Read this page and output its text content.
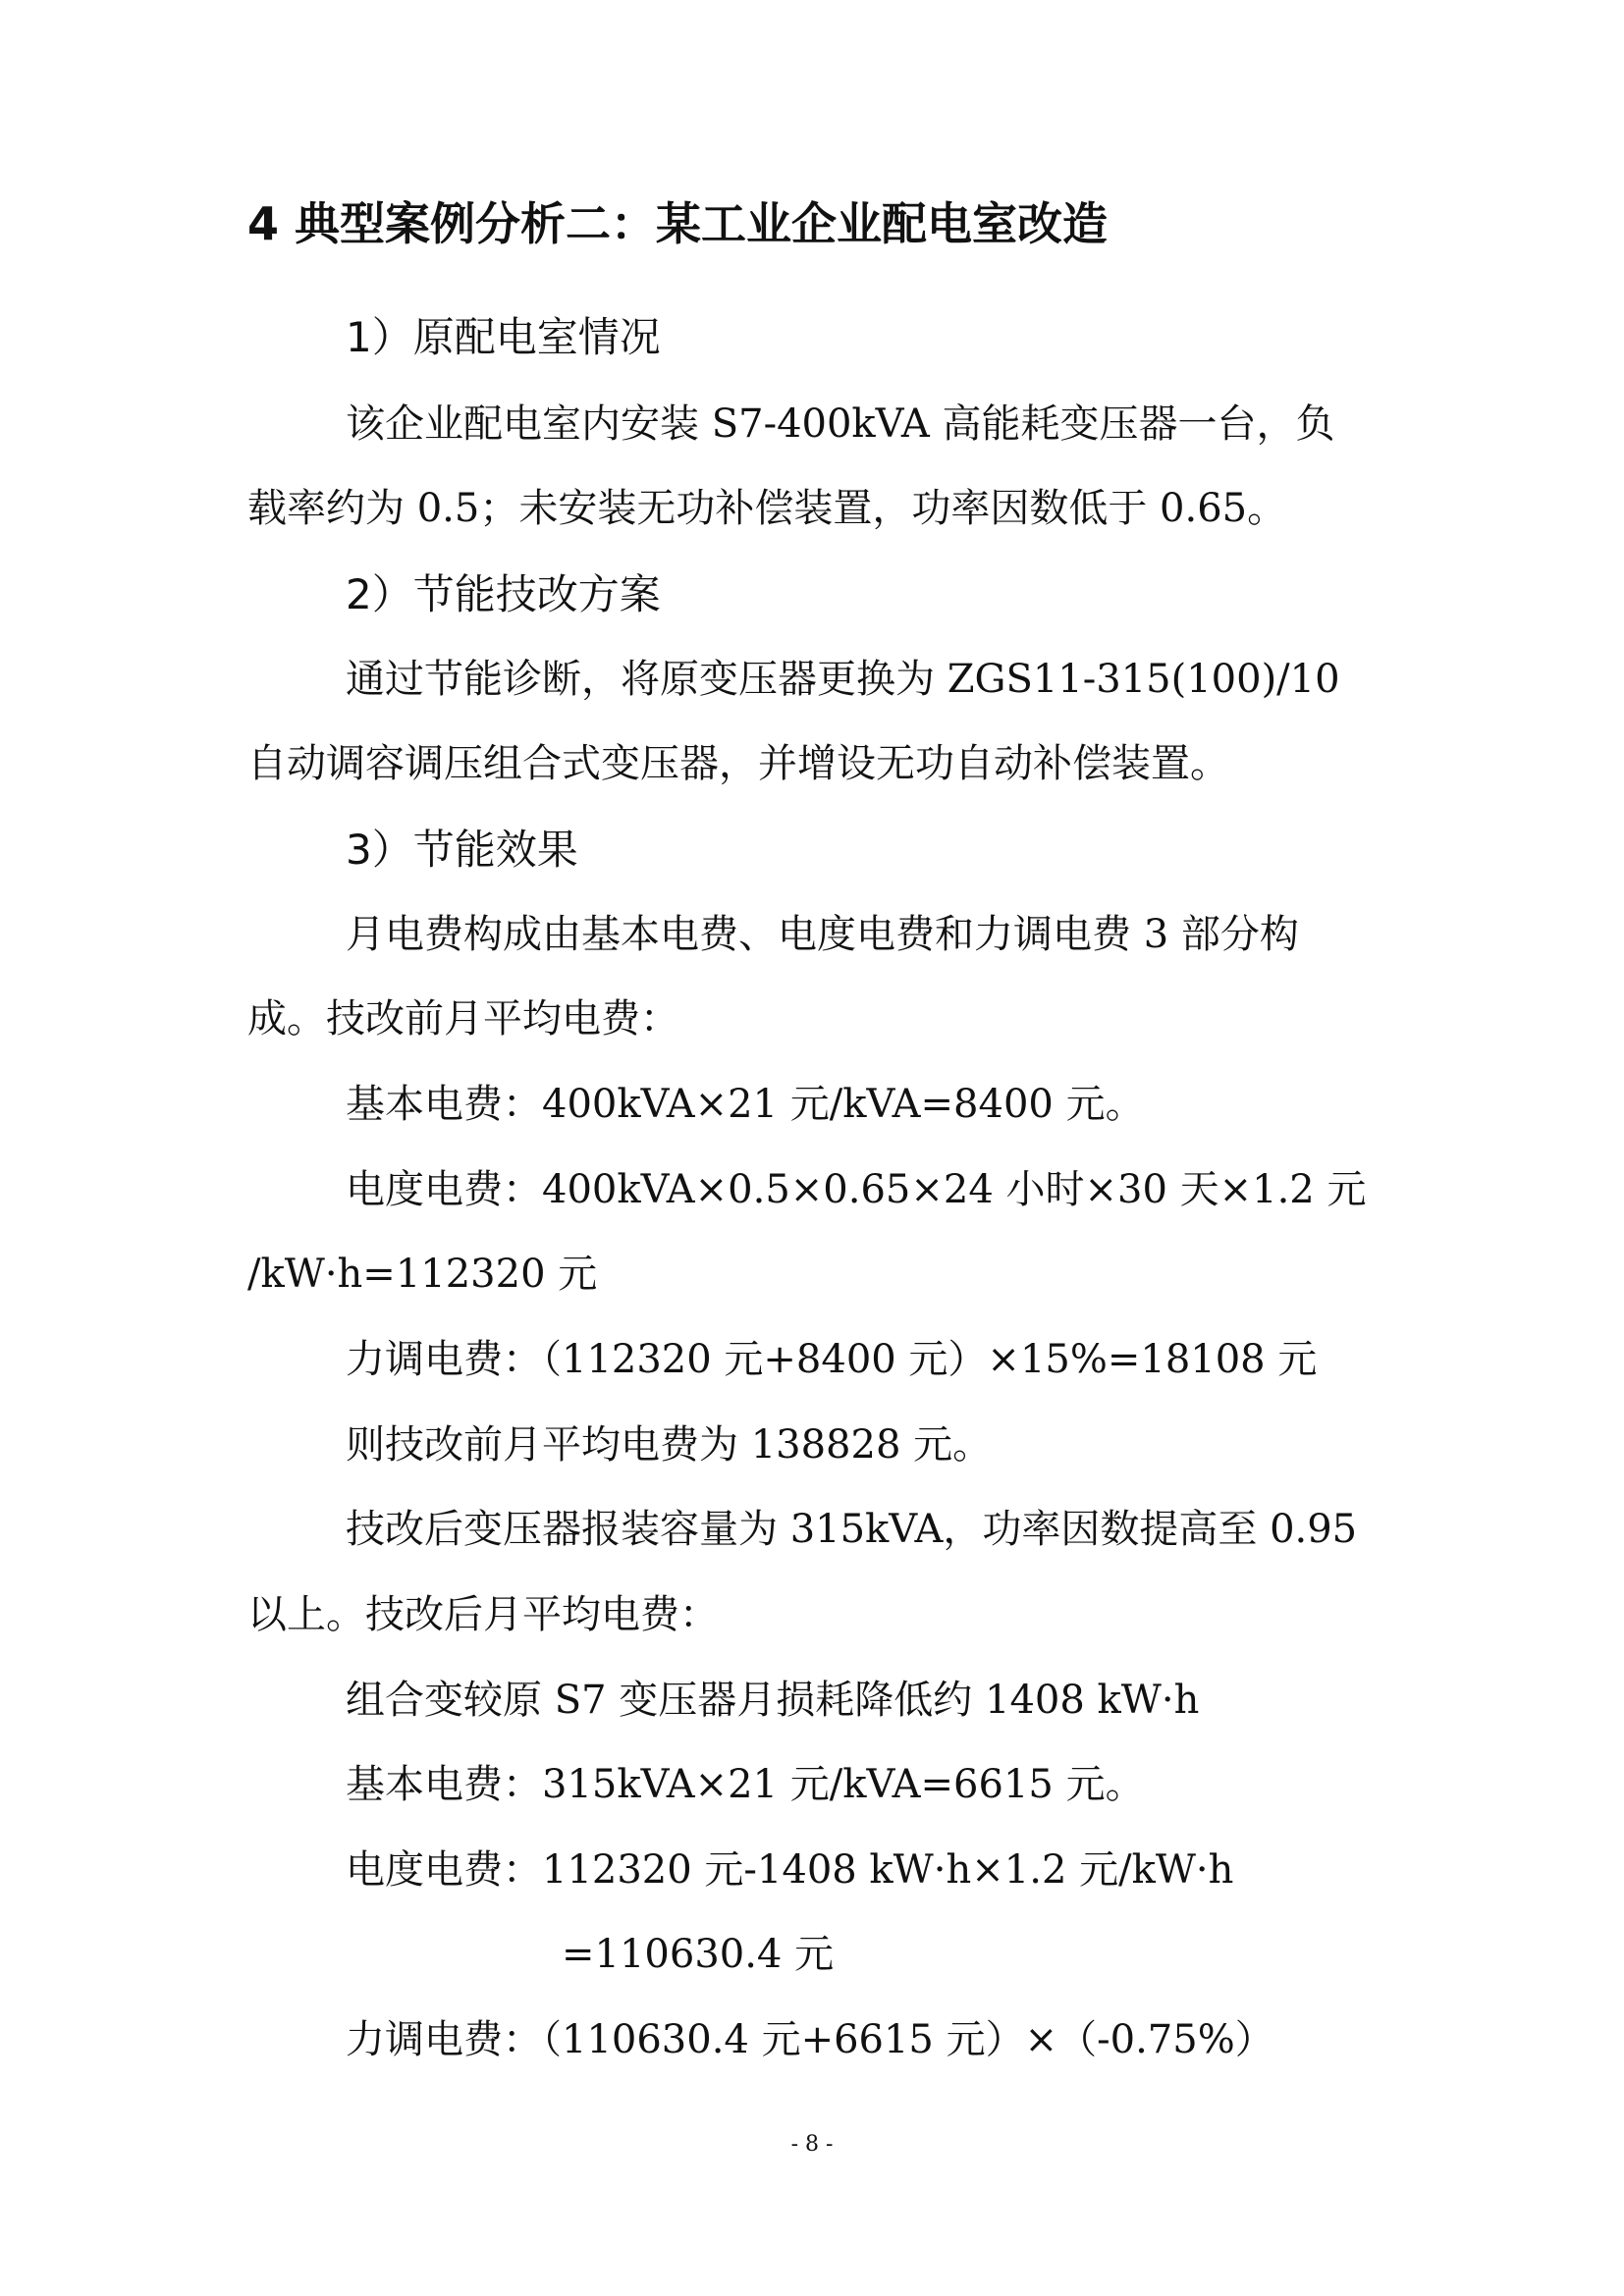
4 典型案例分析二：某工业企业配电室改造
1）原配电室情况
该企业配电室内安装 S7-400kVA 高能耗变压器一台，负
载率约为 0.5；未安装无功补偿装置，功率因数低于 0.65。
2）节能技改方案
通过节能诊断，将原变压器更换为 ZGS11-315(100)/10
自动调容调压组合式变压器，并增设无功自动补偿装置。
3）节能效果
月电费构成由基本电费、电度电费和力调电费 3 部分构
成。技改前月平均电费：
基本电费：400kVA×21 元/kVA=8400 元。
电度电费：400kVA×0.5×0.65×24 小时×30 天×1.2 元
/kW·h=112320 元
力调电费：（112320 元+8400 元）×15%=18108 元
则技改前月平均电费为 138828 元。
技改后变压器报装容量为 315kVA，功率因数提高至 0.95
以上。技改后月平均电费：
组合变较原 S7 变压器月损耗降低约 1408 kW·h
基本电费：315kVA×21 元/kVA=6615 元。
电度电费：112320 元-1408 kW·h×1.2 元/kW·h
=110630.4 元
力调电费：（110630.4 元+6615 元）×（-0.75%）
- 8 -
